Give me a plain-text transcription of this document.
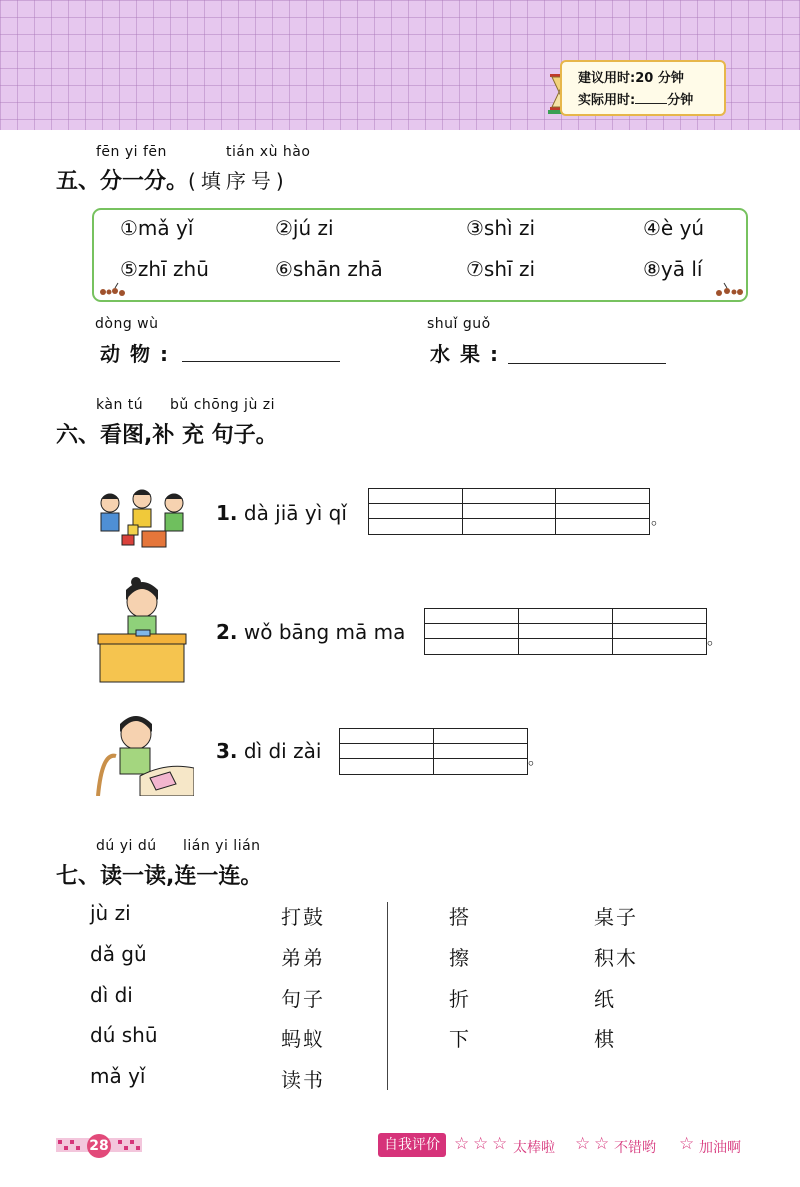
建议用时:20 分钟
实际用时: 分钟
fēn yi fēn	tián xù hào
五、分一分。(填序号)
①mǎ yǐ	②jú zi	③shì zi	④è yú
⑤zhī zhū	⑥shān zhā	⑦shī zi	⑧yā lí
dòng wù
动物:
shuǐ guǒ
水果:
kàn tú bǔ chōng jù zi
六、看图,补 充 句子。
1. dà jiā yì qǐ	。
2. wǒ bāng mā ma	。
3. dì di zài	。
dú yi dú lián yi lián
七、读一读,连一连。
jù zi
dǎ gǔ
dì di
dú shū
mǎ yǐ
打鼓
弟弟
句子
蚂蚁
读书
搭
擦
折
下
桌子
积木
纸
棋
28	自我评价 ☆ ☆ ☆ 太棒啦 ☆ ☆ 不错哟 ☆ 加油啊
